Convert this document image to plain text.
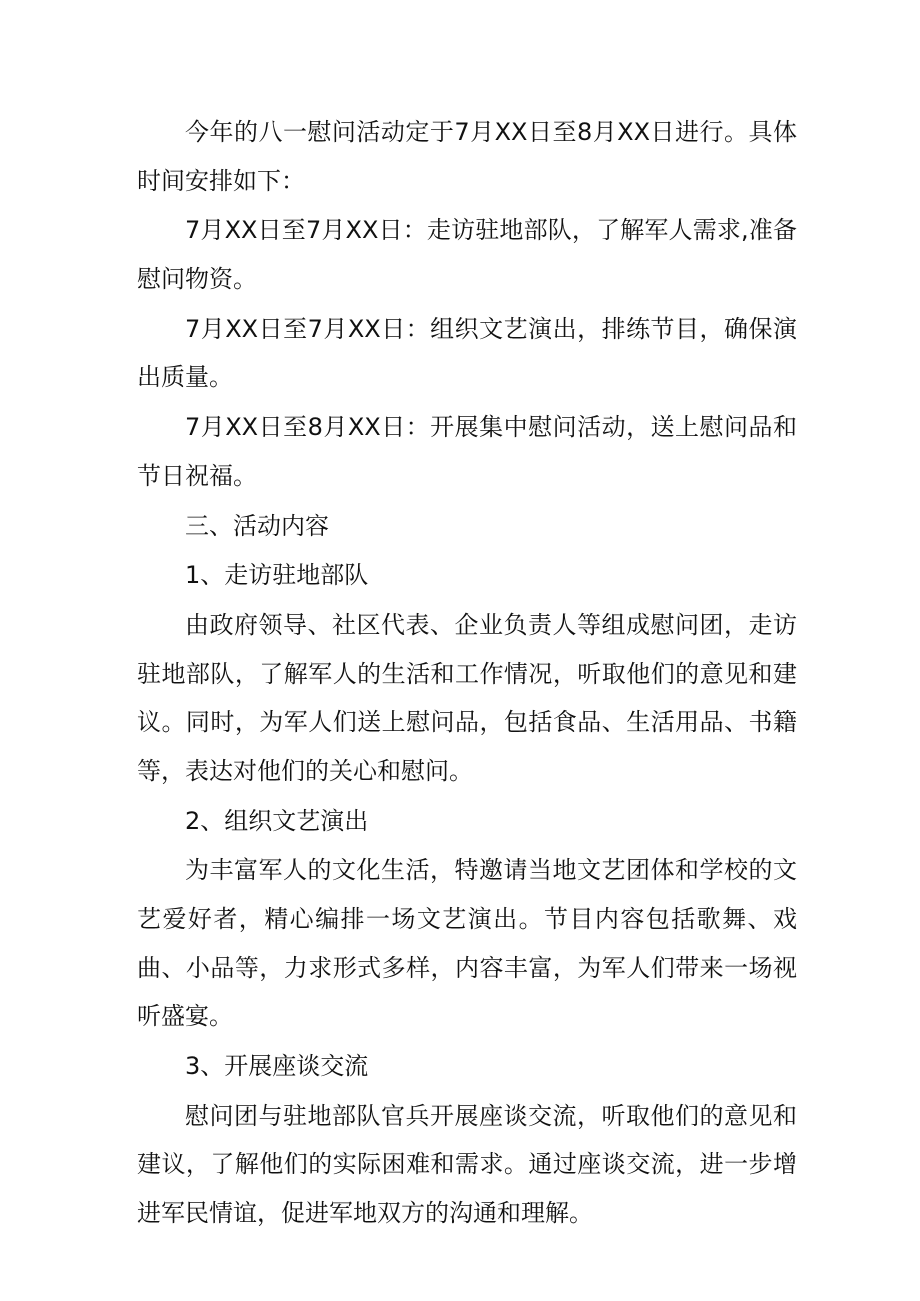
今年的八一慰问活动定于7月XX日至8月XX日进行。具体时间安排如下：

7月XX日至7月XX日：走访驻地部队，了解军人需求,准备慰问物资。

7月XX日至7月XX日：组织文艺演出，排练节目，确保演出质量。

7月XX日至8月XX日：开展集中慰问活动，送上慰问品和节日祝福。

三、活动内容

1、走访驻地部队

由政府领导、社区代表、企业负责人等组成慰问团，走访驻地部队，了解军人的生活和工作情况，听取他们的意见和建议。同时，为军人们送上慰问品，包括食品、生活用品、书籍等，表达对他们的关心和慰问。

2、组织文艺演出

为丰富军人的文化生活，特邀请当地文艺团体和学校的文艺爱好者，精心编排一场文艺演出。节目内容包括歌舞、戏曲、小品等，力求形式多样，内容丰富，为军人们带来一场视听盛宴。

3、开展座谈交流

慰问团与驻地部队官兵开展座谈交流，听取他们的意见和建议，了解他们的实际困难和需求。通过座谈交流，进一步增进军民情谊，促进军地双方的沟通和理解。
